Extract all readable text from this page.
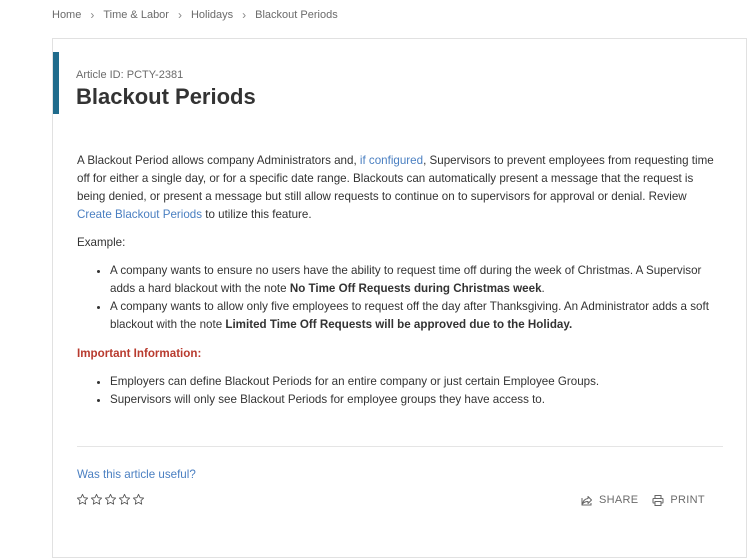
Home › Time & Labor › Holidays › Blackout Periods
Article ID: PCTY-2381
Blackout Periods

A Blackout Period allows company Administrators and, if configured, Supervisors to prevent employees from requesting time off for either a single day, or for a specific date range. Blackouts can automatically present a message that the request is being denied, or present a message but still allow requests to continue on to supervisors for approval or denial. Review Create Blackout Periods to utilize this feature.

Example:

• A company wants to ensure no users have the ability to request time off during the week of Christmas. A Supervisor adds a hard blackout with the note No Time Off Requests during Christmas week.
• A company wants to allow only five employees to request off the day after Thanksgiving. An Administrator adds a soft blackout with the note Limited Time Off Requests will be approved due to the Holiday.

Important Information:

• Employers can define Blackout Periods for an entire company or just certain Employee Groups.
• Supervisors will only see Blackout Periods for employee groups they have access to.
Was this article useful?
SHARE	PRINT
